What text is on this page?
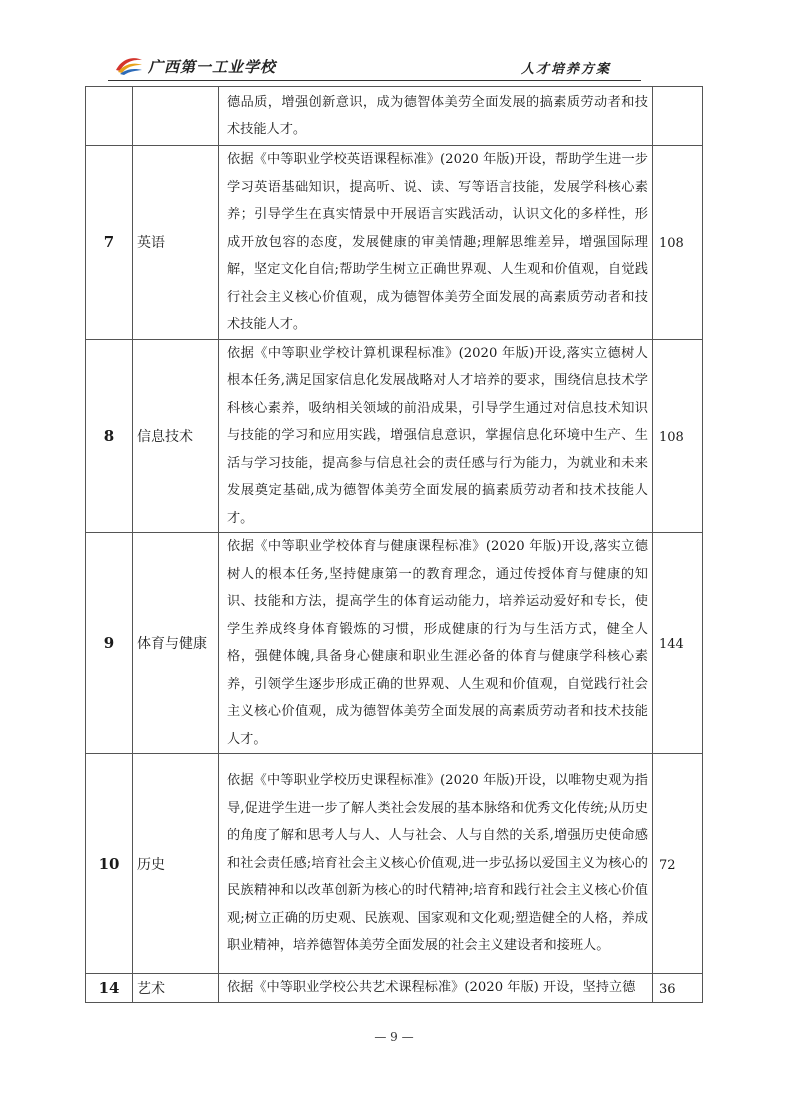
广西第一工业学校	人才培养方案
		德品质，增强创新意识，成为德智体美劳全面发展的搞素质劳动者和技术技能人才。	
7	英语	依据《中等职业学校英语课程标准》(2020 年版)开设，帮助学生进一步学习英语基础知识，提高听、说、读、写等语言技能，发展学科核心素养；引导学生在真实情景中开展语言实践活动，认识文化的多样性，形成开放包容的态度，发展健康的审美情趣;理解思维差异，增强国际理解，坚定文化自信;帮助学生树立正确世界观、人生观和价值观，自觉践行社会主义核心价值观，成为德智体美劳全面发展的高素质劳动者和技术技能人才。	108
8	信息技术	依据《中等职业学校计算机课程标准》(2020 年版)开设,落实立德树人根本任务,满足国家信息化发展战略对人才培养的要求，围绕信息技术学科核心素养，吸纳相关领域的前沿成果，引导学生通过对信息技术知识与技能的学习和应用实践，增强信息意识，掌握信息化环境中生产、生活与学习技能，提高参与信息社会的责任感与行为能力，为就业和未来发展奠定基础,成为德智体美劳全面发展的搞素质劳动者和技术技能人才。	108
9	体育与健康	依据《中等职业学校体育与健康课程标准》(2020 年版)开设,落实立德树人的根本任务,坚持健康第一的教育理念，通过传授体育与健康的知识、技能和方法，提高学生的体育运动能力，培养运动爱好和专长，使学生养成终身体育锻炼的习惯，形成健康的行为与生活方式，健全人格，强健体魄,具备身心健康和职业生涯必备的体育与健康学科核心素养，引领学生逐步形成正确的世界观、人生观和价值观，自觉践行社会主义核心价值观，成为德智体美劳全面发展的高素质劳动者和技术技能人才。	144
10	历史	依据《中等职业学校历史课程标准》(2020 年版)开设，以唯物史观为指导,促进学生进一步了解人类社会发展的基本脉络和优秀文化传统;从历史的角度了解和思考人与人、人与社会、人与自然的关系,增强历史使命感和社会责任感;培育社会主义核心价值观,进一步弘扬以爱国主义为核心的民族精神和以改革创新为核心的时代精神;培育和践行社会主义核心价值观;树立正确的历史观、民族观、国家观和文化观;塑造健全的人格，养成职业精神，培养德智体美劳全面发展的社会主义建设者和接班人。	72
14	艺术	依据《中等职业学校公共艺术课程标准》(2020 年版) 开设，坚持立德	36
— 9 —
